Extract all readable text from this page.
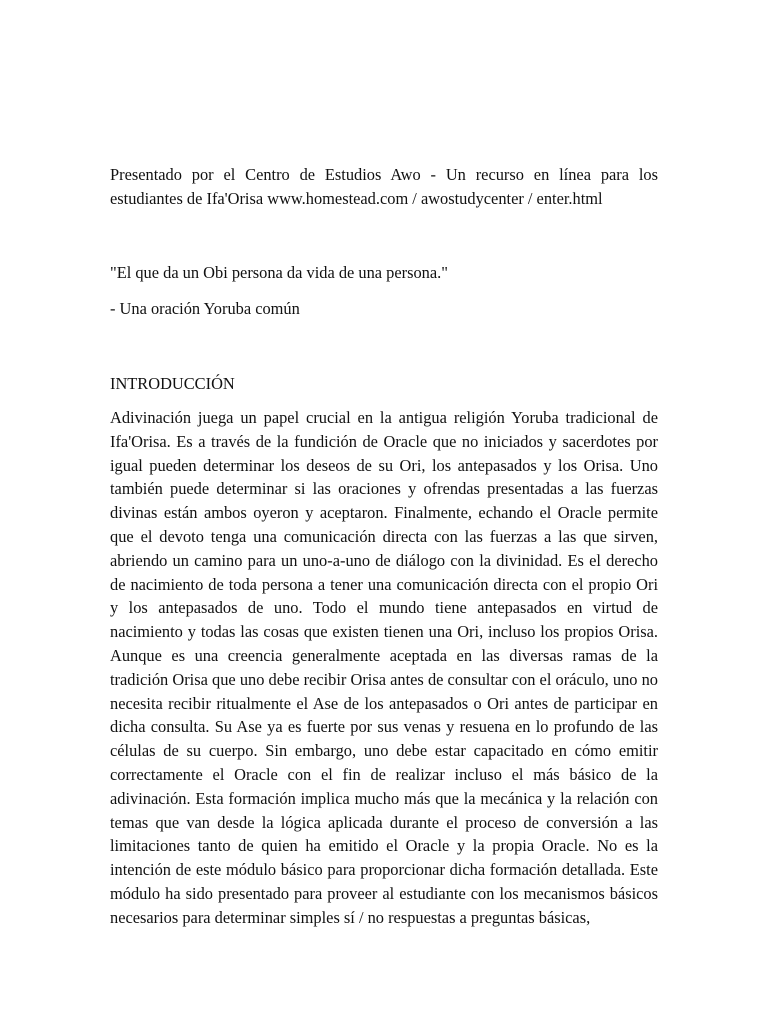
Presentado por el Centro de Estudios Awo - Un recurso en línea para los estudiantes de Ifa'Orisa www.homestead.com / awostudycenter / enter.html

"El que da un Obi persona da vida de una persona."

- Una oración Yoruba común

INTRODUCCIÓN

Adivinación juega un papel crucial en la antigua religión Yoruba tradicional de Ifa'Orisa. Es a través de la fundición de Oracle que no iniciados y sacerdotes por igual pueden determinar los deseos de su Ori, los antepasados y los Orisa. Uno también puede determinar si las oraciones y ofrendas presentadas a las fuerzas divinas están ambos oyeron y aceptaron. Finalmente, echando el Oracle permite que el devoto tenga una comunicación directa con las fuerzas a las que sirven, abriendo un camino para un uno-a-uno de diálogo con la divinidad. Es el derecho de nacimiento de toda persona a tener una comunicación directa con el propio Ori y los antepasados de uno. Todo el mundo tiene antepasados en virtud de nacimiento y todas las cosas que existen tienen una Ori, incluso los propios Orisa. Aunque es una creencia generalmente aceptada en las diversas ramas de la tradición Orisa que uno debe recibir Orisa antes de consultar con el oráculo, uno no necesita recibir ritualmente el Ase de los antepasados o Ori antes de participar en dicha consulta. Su Ase ya es fuerte por sus venas y resuena en lo profundo de las células de su cuerpo. Sin embargo, uno debe estar capacitado en cómo emitir correctamente el Oracle con el fin de realizar incluso el más básico de la adivinación. Esta formación implica mucho más que la mecánica y la relación con temas que van desde la lógica aplicada durante el proceso de conversión a las limitaciones tanto de quien ha emitido el Oracle y la propia Oracle. No es la intención de este módulo básico para proporcionar dicha formación detallada. Este módulo ha sido presentado para proveer al estudiante con los mecanismos básicos necesarios para determinar simples sí / no respuestas a preguntas básicas,
